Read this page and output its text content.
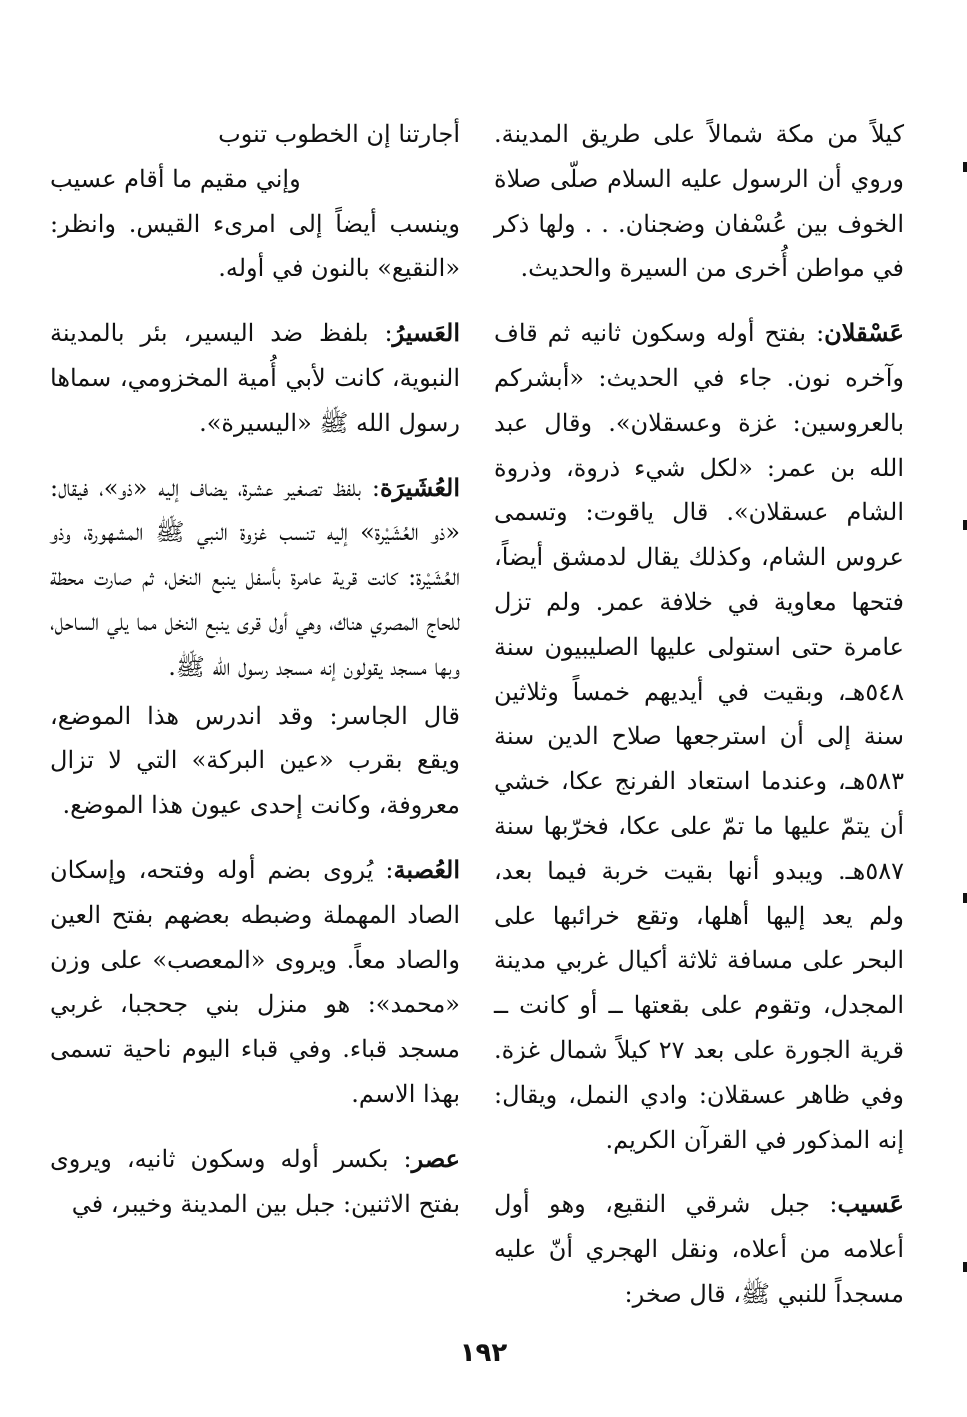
كيلاً من مكة شمالاً على طريق المدينة. وروي أن الرسول عليه السلام صلّى صلاة الخوف بين عُسْفان وضجنان. . . ولها ذكر في مواطن أُخرى من السيرة والحديث.

عَسْقلان: بفتح أوله وسكون ثانيه ثم قاف وآخره نون. جاء في الحديث: «أبشركم بالعروسين: غزة وعسقلان». وقال عبد الله بن عمر: «لكل شيء ذروة، وذروة الشام عسقلان». قال ياقوت: وتسمى عروس الشام، وكذلك يقال لدمشق أيضاً، فتحها معاوية في خلافة عمر. ولم تزل عامرة حتى استولى عليها الصليبيون سنة ٥٤٨هـ، وبقيت في أيديهم خمساً وثلاثين سنة إلى أن استرجعها صلاح الدين سنة ٥٨٣هـ، وعندما استعاد الفرنج عكا، خشي أن يتمّ عليها ما تمّ على عكا، فخرّبها سنة ٥٨٧هـ. ويبدو أنها بقيت خربة فيما بعد، ولم يعد إليها أهلها، وتقع خرائبها على البحر على مسافة ثلاثة أكيال غربي مدينة المجدل، وتقوم على بقعتها ــ أو كانت ــ قرية الجورة على بعد ٢٧ كيلاً شمال غزة. وفي ظاهر عسقلان: وادي النمل، ويقال: إنه المذكور في القرآن الكريم.

عَسيب: جبل شرقي النقيع، وهو أول أعلامه من أعلاه، ونقل الهجري أنّ عليه مسجداً للنبي ﷺ، قال صخر:

أجارتنا إن الخطوب تنوب
وإني مقيم ما أقام عسيب

وينسب أيضاً إلى امرىء القيس. وانظر: «النقيع» بالنون في أوله.

العَسيرُ: بلفظ ضد اليسير، بئر بالمدينة النبوية، كانت لأبي أُمية المخزومي، سماها رسول الله ﷺ «اليسيرة».

العُشَيرَة: بلفظ تصغير عشرة، يضاف إليه «ذو»، فيقال: «ذو العُشَيْرة» إليه تنسب غزوة النبي ﷺ المشهورة، وذو العُشَيْرة: كانت قرية عامرة بأسفل ينبع النخل، ثم صارت محطة للحاج المصري هناك، وهي أول قرى ينبع النخل مما يلي الساحل، وبها مسجد يقولون إنه مسجد رسول الله ﷺ.

قال الجاسر: وقد اندرس هذا الموضع، ويقع بقرب «عين البركة» التي لا تزال معروفة، وكانت إحدى عيون هذا الموضع.

العُصبة: يُروى بضم أوله وفتحه، وإسكان الصاد المهملة وضبطه بعضهم بفتح العين والصاد معاً. ويروى «المعصب» على وزن «محمد»: هو منزل بني جحجبا، غربي مسجد قباء. وفي قباء اليوم ناحية تسمى بهذا الاسم.

عصر: بكسر أوله وسكون ثانيه، ويروى بفتح الاثنين: جبل بين المدينة وخيبر، في

١٩٢
